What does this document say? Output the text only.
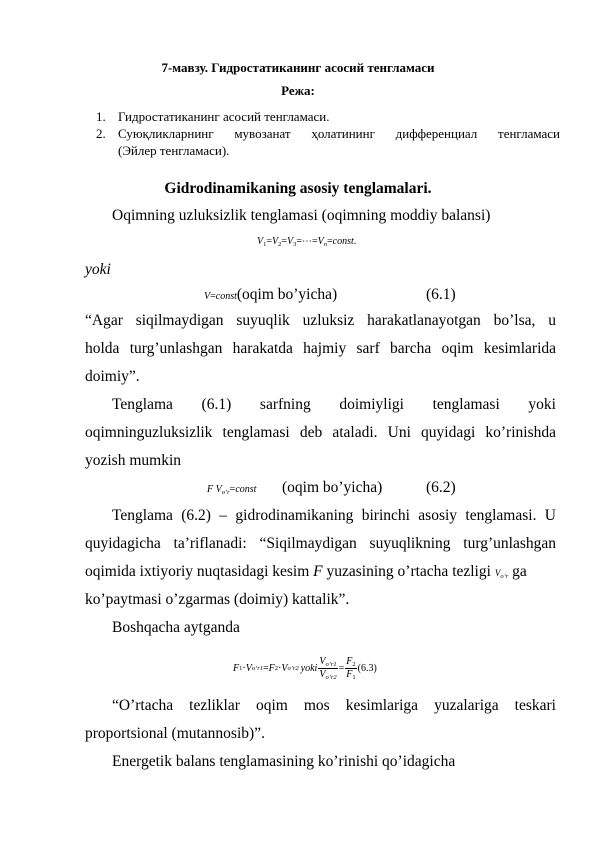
7-мавзу. Гидростатиканинг асосий тенгламаси
Режа:
1. Гидростатиканинг асосий тенгламаси.
2. Суюқликларнинг мувозанат ҳолатининг дифференциал тенгламаси
(Эйлер тенгламаси).
Gidrodinamikaning asosiy tenglamalari.
Oqimning uzluksizlik tenglamasi (oqimning moddiy balansi)
$V_1=V_2=V_3=\cdots=V_n=const$.
yoki
V=const(oqim bo’yicha)	(6.1)
“Agar siqilmaydigan suyuqlik uzluksiz harakatlanayotgan bo’lsa, u
holda turg’unlashgan harakatda hajmiy sarf barcha oqim kesimlarida
doimiy”.
Tenglama (6.1) sarfning doimiyligi tenglamasi yoki
oqimninguzluksizlik tenglamasi deb ataladi. Uni quyidagi ko’rinishda
yozish mumkin
F $V_{o’r}=const$ (oqim bo’yicha)	(6.2)
Tenglama (6.2) – gidrodinamikaning birinchi asosiy tenglamasi. U
quyidagicha ta’riflanadi: “Siqilmaydigan suyuqlikning turg’unlashgan
oqimida ixtiyoriy nuqtasidagi kesim F yuzasining o’rtacha tezligi $V_{o’r}$ ga
ko’paytmasi o’zgarmas (doimiy) kattalik”.
Boshqacha aytganda
F 1 · V o’r1 = F 2 · V o’r2 yoki $\frac{V_{o’r1}}{V_{o’r2}} = \frac{F_2}{F_1} (6.3)$
“O’rtacha tezliklar oqim mos kesimlariga yuzalariga teskari
proportsional (mutannosib)”.
Energetik balans tenglamasining ko’rinishi qo’idagicha
